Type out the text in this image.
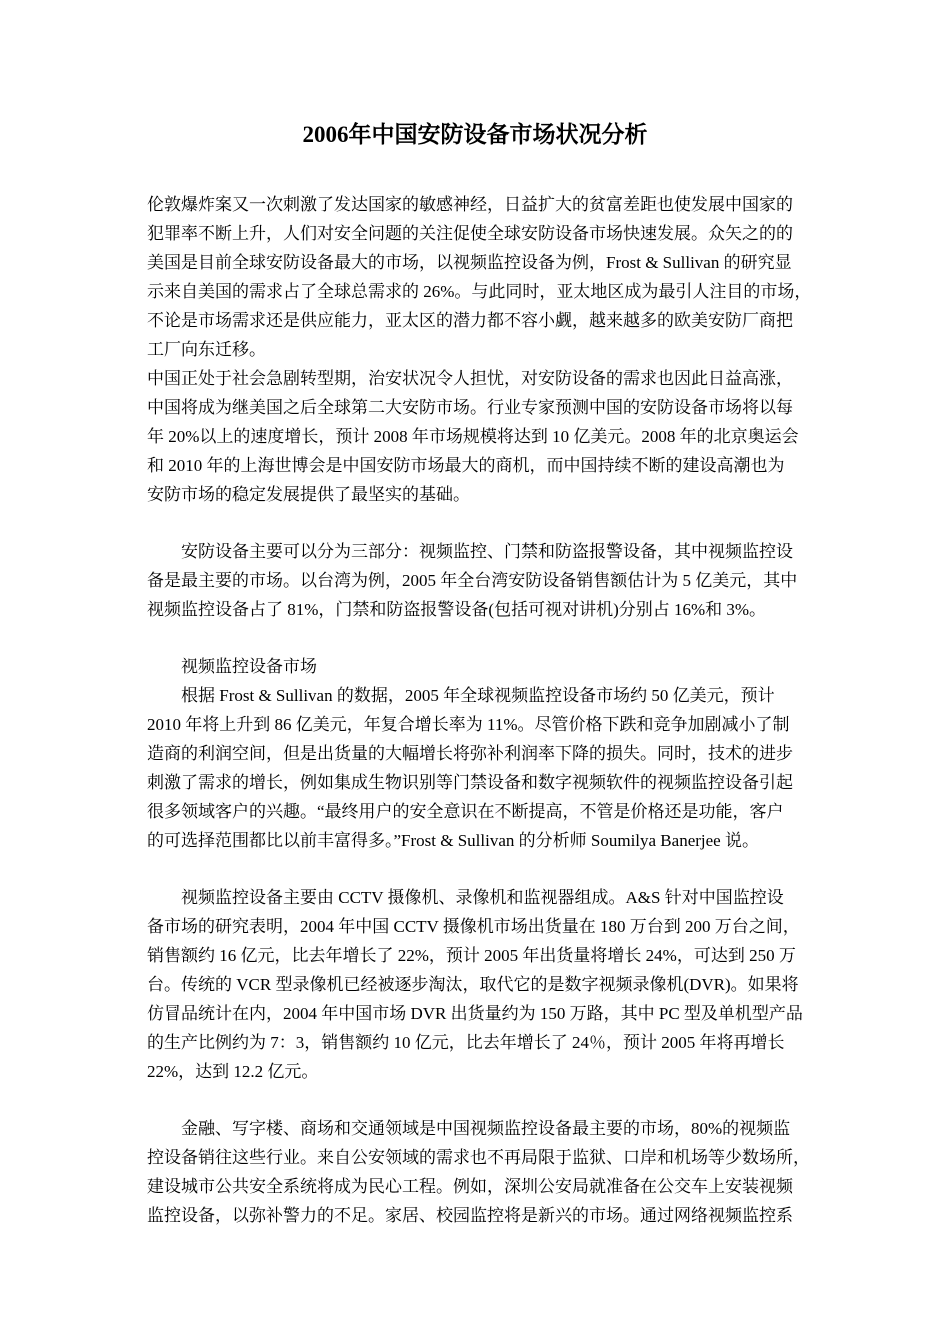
2006年中国安防设备市场状况分析
伦敦爆炸案又一次刺激了发达国家的敏感神经，日益扩大的贫富差距也使发展中国家的
犯罪率不断上升，人们对安全问题的关注促使全球安防设备市场快速发展。众矢之的的
美国是目前全球安防设备最大的市场，以视频监控设备为例，Frost & Sullivan 的研究显
示来自美国的需求占了全球总需求的 26%。与此同时，亚太地区成为最引人注目的市场，
不论是市场需求还是供应能力，亚太区的潜力都不容小觑，越来越多的欧美安防厂商把
工厂向东迁移。
中国正处于社会急剧转型期，治安状况令人担忧，对安防设备的需求也因此日益高涨，
中国将成为继美国之后全球第二大安防市场。行业专家预测中国的安防设备市场将以每
年 20%以上的速度增长，预计 2008 年市场规模将达到 10 亿美元。2008 年的北京奥运会
和 2010 年的上海世博会是中国安防市场最大的商机，而中国持续不断的建设高潮也为
安防市场的稳定发展提供了最坚实的基础。
安防设备主要可以分为三部分：视频监控、门禁和防盗报警设备，其中视频监控设
备是最主要的市场。以台湾为例，2005 年全台湾安防设备销售额估计为 5 亿美元，其中
视频监控设备占了 81%，门禁和防盗报警设备(包括可视对讲机)分别占 16%和 3%。
视频监控设备市场
根据 Frost & Sullivan 的数据，2005 年全球视频监控设备市场约 50 亿美元，预计
2010 年将上升到 86 亿美元，年复合增长率为 11%。尽管价格下跌和竞争加剧减小了制
造商的利润空间，但是出货量的大幅增长将弥补利润率下降的损失。同时，技术的进步
刺激了需求的增长，例如集成生物识别等门禁设备和数字视频软件的视频监控设备引起
很多领域客户的兴趣。“最终用户的安全意识在不断提高，不管是价格还是功能，客户
的可选择范围都比以前丰富得多。”Frost & Sullivan 的分析师 Soumilya Banerjee 说。
视频监控设备主要由 CCTV 摄像机、录像机和监视器组成。A&S 针对中国监控设
备市场的研究表明，2004 年中国 CCTV 摄像机市场出货量在 180 万台到 200 万台之间，
销售额约 16 亿元，比去年增长了 22%，预计 2005 年出货量将增长 24%，可达到 250 万
台。传统的 VCR 型录像机已经被逐步淘汰，取代它的是数字视频录像机(DVR)。如果将
仿冒品统计在内，2004 年中国市场 DVR 出货量约为 150 万路，其中 PC 型及单机型产品
的生产比例约为 7：3，销售额约 10 亿元，比去年增长了 24％，预计 2005 年将再增长
22%，达到 12.2 亿元。
金融、写字楼、商场和交通领域是中国视频监控设备最主要的市场，80%的视频监
控设备销往这些行业。来自公安领域的需求也不再局限于监狱、口岸和机场等少数场所，
建设城市公共安全系统将成为民心工程。例如，深圳公安局就准备在公交车上安装视频
监控设备，以弥补警力的不足。家居、校园监控将是新兴的市场。通过网络视频监控系
